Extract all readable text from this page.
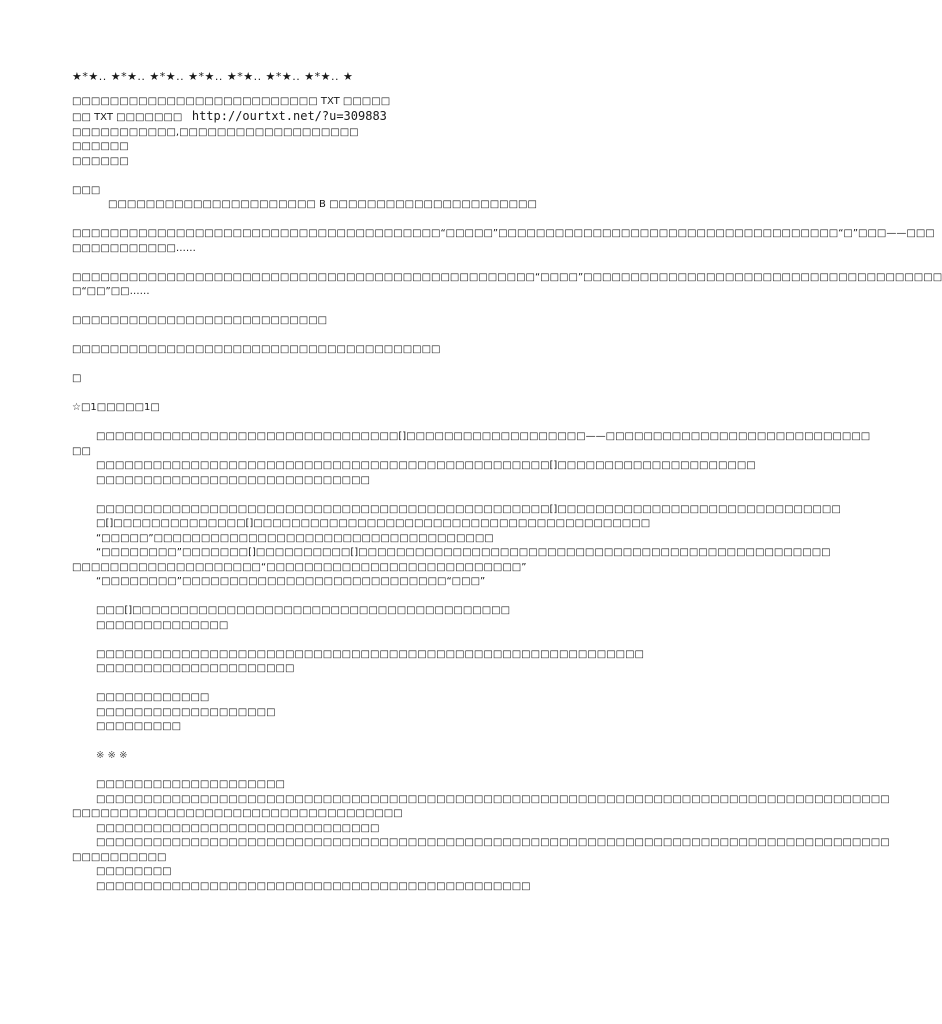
★*★.. ★*★.. ★*★.. ★*★.. ★*★.. ★*★.. ★*★.. ★
□□□□□□□□□□□□□□□□□□□□□□□□□□ TXT □□□□□
□□ TXT □□□□□□□ http://ourtxt.net/?u=309883
□□□□□□□□□□□,□□□□□□□□□□□□□□□□□□□
□□□□□□
□□□□□□
□□□
□□□□□□□□□□□□□□□□□□□□□□ B □□□□□□□□□□□□□□□□□□□□□□
□□□□□□□□□□□□□□□□□□□□□□□□□□□□□□□□□□□□□□□“□□□□□”□□□□□□□□□□□□□□□□□□□□□□□□□□□□□□□□□□□□“□”□□□——□□□
□□□□□□□□□□□……
□□□□□□□□□□□□□□□□□□□□□□□□□□□□□□□□□□□□□□□□□□□□□□□□□“□□□□”□□□□□□□□□□□□□□□□□□□□□□□□□□□□□□□□□□□□□□
□“□□”□□……
□□□□□□□□□□□□□□□□□□□□□□□□□□□
□□□□□□□□□□□□□□□□□□□□□□□□□□□□□□□□□□□□□□□
□
☆□1□□□□□1□
□□□□□□□□□□□□□□□□□□□□□□□□□□□□□□□□[]□□□□□□□□□□□□□□□□□□□——□□□□□□□□□□□□□□□□□□□□□□□□□□□□
□□
□□□□□□□□□□□□□□□□□□□□□□□□□□□□□□□□□□□□□□□□□□□□□□□□[]□□□□□□□□□□□□□□□□□□□□□
□□□□□□□□□□□□□□□□□□□□□□□□□□□□□
□□□□□□□□□□□□□□□□□□□□□□□□□□□□□□□□□□□□□□□□□□□□□□□□[]□□□□□□□□□□□□□□□□□□□□□□□□□□□□□□
□[]□□□□□□□□□□□□□□[]□□□□□□□□□□□□□□□□□□□□□□□□□□□□□□□□□□□□□□□□□□
“□□□□□”□□□□□□□□□□□□□□□□□□□□□□□□□□□□□□□□□□□□
“□□□□□□□□”□□□□□□□[]□□□□□□□□□□[]□□□□□□□□□□□□□□□□□□□□□□□□□□□□□□□□□□□□□□□□□□□□□□□□□□
□□□□□□□□□□□□□□□□□□□□“□□□□□□□□□□□□□□□□□□□□□□□□□□□”
“□□□□□□□□”□□□□□□□□□□□□□□□□□□□□□□□□□□□□“□□□”
□□□[]□□□□□□□□□□□□□□□□□□□□□□□□□□□□□□□□□□□□□□□□
□□□□□□□□□□□□□□
□□□□□□□□□□□□□□□□□□□□□□□□□□□□□□□□□□□□□□□□□□□□□□□□□□□□□□□□□□
□□□□□□□□□□□□□□□□□□□□□
□□□□□□□□□□□□
□□□□□□□□□□□□□□□□□□□
□□□□□□□□□
※ ※ ※
□□□□□□□□□□□□□□□□□□□□
□□□□□□□□□□□□□□□□□□□□□□□□□□□□□□□□□□□□□□□□□□□□□□□□□□□□□□□□□□□□□□□□□□□□□□□□□□□□□□□□□□□□
□□□□□□□□□□□□□□□□□□□□□□□□□□□□□□□□□□□
□□□□□□□□□□□□□□□□□□□□□□□□□□□□□□
□□□□□□□□□□□□□□□□□□□□□□□□□□□□□□□□□□□□□□□□□□□□□□□□□□□□□□□□□□□□□□□□□□□□□□□□□□□□□□□□□□□□
□□□□□□□□□□
□□□□□□□□
□□□□□□□□□□□□□□□□□□□□□□□□□□□□□□□□□□□□□□□□□□□□□□
